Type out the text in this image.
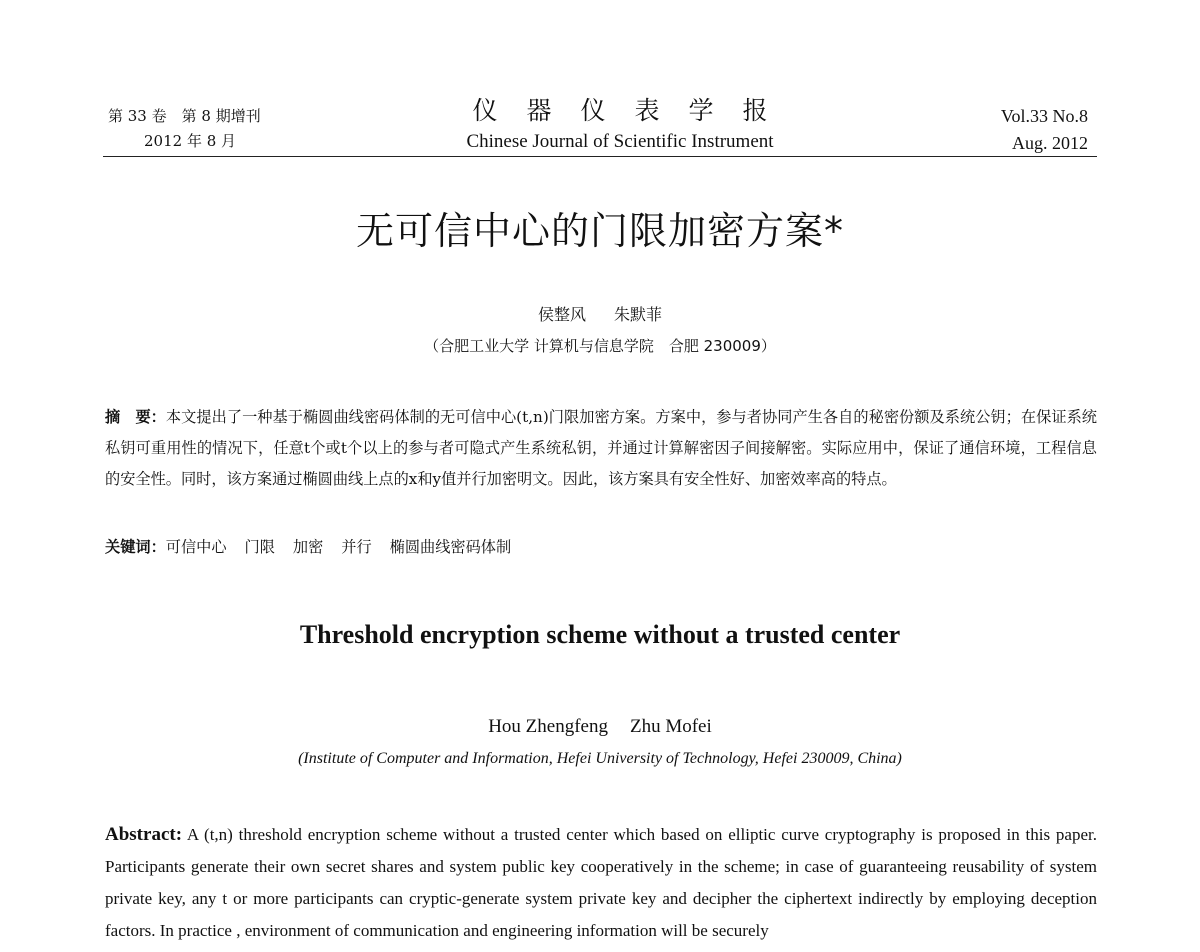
第 33 卷　第 8 期增刊
2012 年 8 月
仪器仪表学报
Chinese Journal of Scientific Instrument
Vol.33 No.8
Aug. 2012
无可信中心的门限加密方案*
侯整风 朱默菲
（合肥工业大学 计算机与信息学院　合肥 230009）
摘　要：本文提出了一种基于椭圆曲线密码体制的无可信中心(t,n)门限加密方案。方案中，参与者协同产生各自的秘密份额及系统公钥；在保证系统私钥可重用性的情况下，任意t个或t个以上的参与者可隐式产生系统私钥，并通过计算解密因子间接解密。实际应用中，保证了通信环境，工程信息的安全性。同时，该方案通过椭圆曲线上点的x和y值并行加密明文。因此，该方案具有安全性好、加密效率高的特点。
关键词：可信中心 门限 加密 并行 椭圆曲线密码体制
Threshold encryption scheme without a trusted center
Hou Zhengfeng Zhu Mofei
(Institute of Computer and Information, Hefei University of Technology, Hefei 230009, China)
Abstract: A (t,n) threshold encryption scheme without a trusted center which based on elliptic curve cryptography is proposed in this paper. Participants generate their own secret shares and system public key cooperatively in the scheme; in case of guaranteeing reusability of system private key, any t or more participants can cryptic-generate system private key and decipher the ciphertext indirectly by employing deception factors. In practice , environment of communication and engineering information will be securely
